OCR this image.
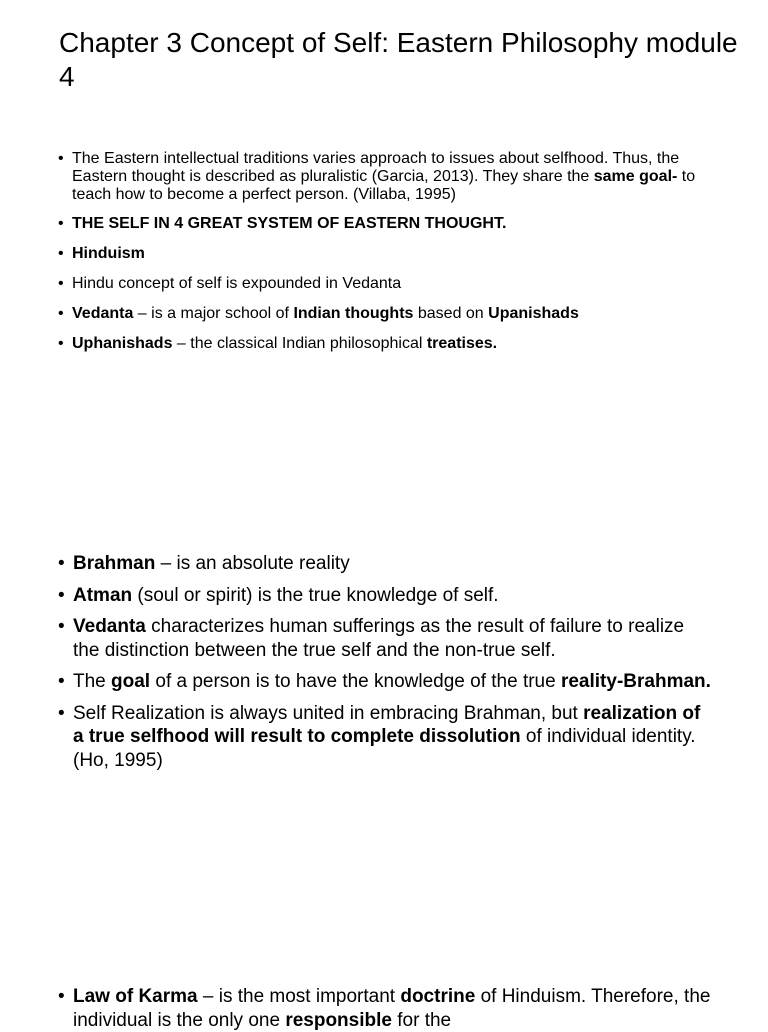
Chapter 3 Concept of Self: Eastern Philosophy module 4
• The Eastern intellectual traditions varies approach to issues about selfhood. Thus, the Eastern thought is described as pluralistic (Garcia, 2013). They share the same goal- to teach how to become a perfect person. (Villaba, 1995)
• THE SELF IN 4 GREAT SYSTEM OF EASTERN THOUGHT.
• Hinduism
• Hindu concept of self is expounded in Vedanta
• Vedanta – is a major school of Indian thoughts based on Upanishads
• Uphanishads – the classical Indian philosophical treatises.
• Brahman – is an absolute reality
• Atman (soul or spirit) is the true knowledge of self.
• Vedanta characterizes human sufferings as the result of failure to realize the distinction between the true self and the non-true self.
• The goal of a person is to have the knowledge of the true reality-Brahman.
• Self Realization is always united in embracing Brahman, but realization of a true selfhood will result to complete dissolution of individual identity. (Ho, 1995)
• Law of Karma – is the most important doctrine of Hinduism. Therefore, the individual is the only one responsible for the
